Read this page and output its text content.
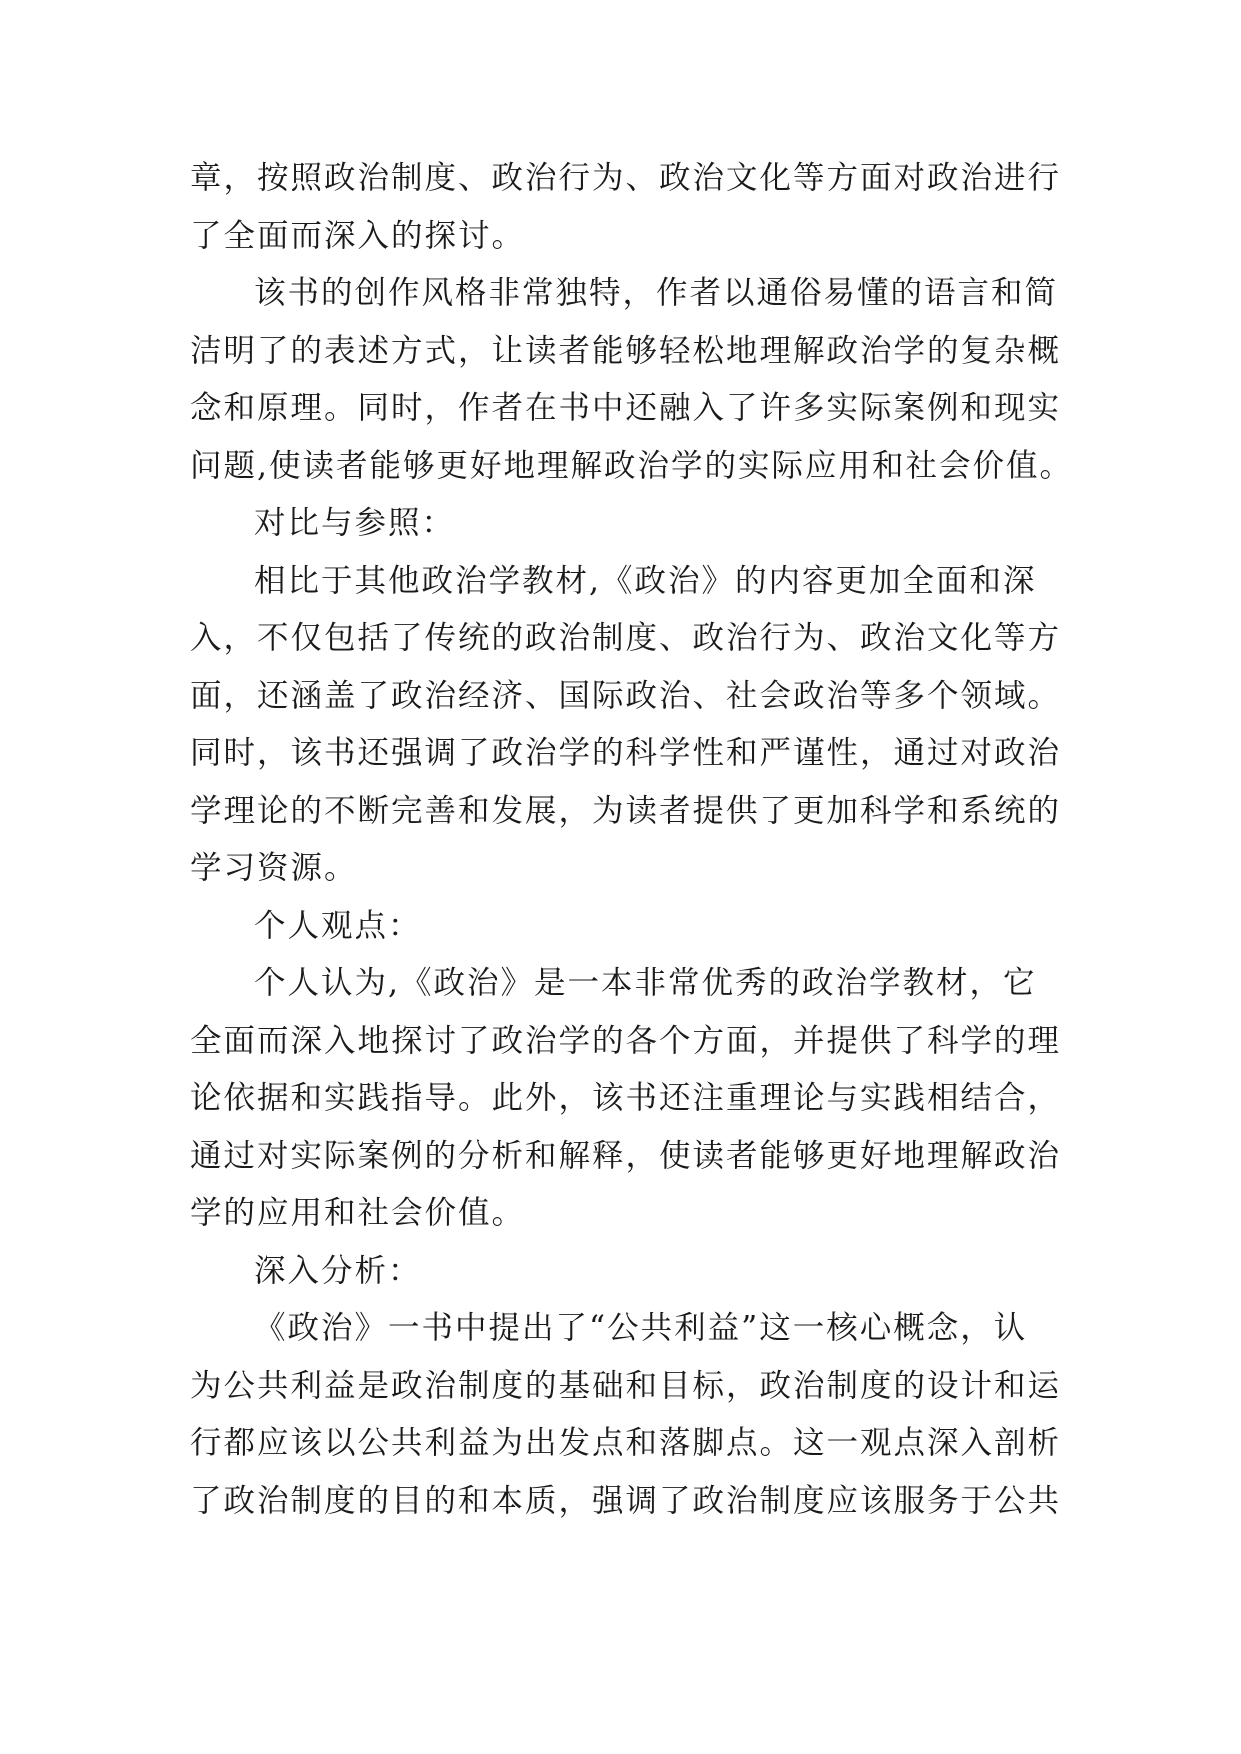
章，按照政治制度、政治行为、政治文化等方面对政治进行
了全面而深入的探讨。
该书的创作风格非常独特，作者以通俗易懂的语言和简
洁明了的表述方式，让读者能够轻松地理解政治学的复杂概
念和原理。同时，作者在书中还融入了许多实际案例和现实
问题,使读者能够更好地理解政治学的实际应用和社会价值。
对比与参照：
相比于其他政治学教材,《政治》的内容更加全面和深
入，不仅包括了传统的政治制度、政治行为、政治文化等方
面，还涵盖了政治经济、国际政治、社会政治等多个领域。
同时，该书还强调了政治学的科学性和严谨性，通过对政治
学理论的不断完善和发展，为读者提供了更加科学和系统的
学习资源。
个人观点：
个人认为,《政治》是一本非常优秀的政治学教材，它
全面而深入地探讨了政治学的各个方面，并提供了科学的理
论依据和实践指导。此外，该书还注重理论与实践相结合，
通过对实际案例的分析和解释，使读者能够更好地理解政治
学的应用和社会价值。
深入分析：
《政治》一书中提出了“公共利益”这一核心概念，认
为公共利益是政治制度的基础和目标，政治制度的设计和运
行都应该以公共利益为出发点和落脚点。这一观点深入剖析
了政治制度的目的和本质，强调了政治制度应该服务于公共
